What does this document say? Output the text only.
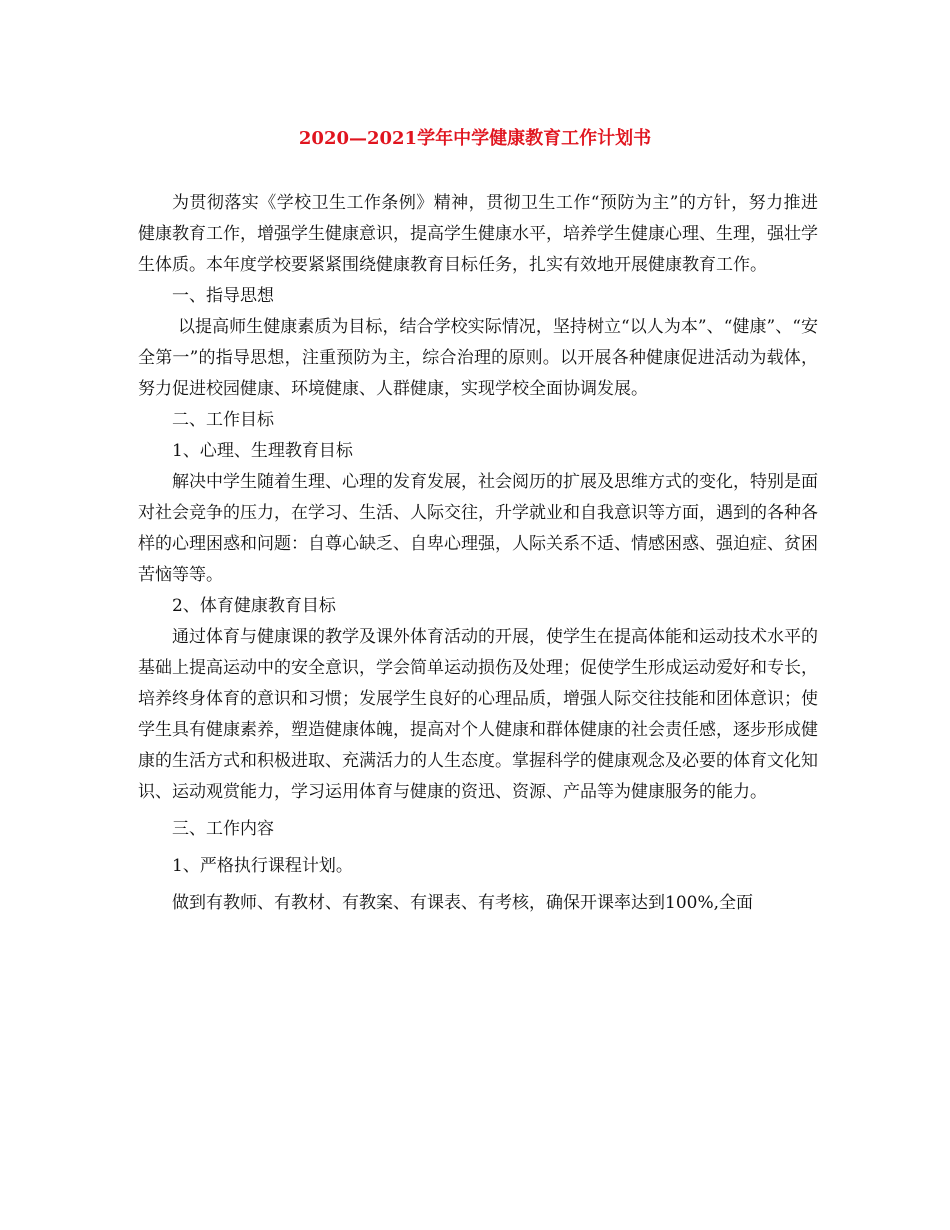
2020—2021学年中学健康教育工作计划书

为贯彻落实《学校卫生工作条例》精神，贯彻卫生工作“预防为主”的方针，努力推进健康教育工作，增强学生健康意识，提高学生健康水平，培养学生健康心理、生理，强壮学生体质。本年度学校要紧紧围绕健康教育目标任务，扎实有效地开展健康教育工作。

一、指导思想

以提高师生健康素质为目标，结合学校实际情况，坚持树立“以人为本”、“健康”、“安全第一”的指导思想，注重预防为主，综合治理的原则。以开展各种健康促进活动为载体，努力促进校园健康、环境健康、人群健康，实现学校全面协调发展。

二、工作目标

1、心理、生理教育目标

解决中学生随着生理、心理的发育发展，社会阅历的扩展及思维方式的变化，特别是面对社会竞争的压力，在学习、生活、人际交往，升学就业和自我意识等方面，遇到的各种各样的心理困惑和问题：自尊心缺乏、自卑心理强，人际关系不适、情感困惑、强迫症、贫困苦恼等等。

2、体育健康教育目标

通过体育与健康课的教学及课外体育活动的开展，使学生在提高体能和运动技术水平的基础上提高运动中的安全意识，学会简单运动损伤及处理；促使学生形成运动爱好和专长，培养终身体育的意识和习惯；发展学生良好的心理品质，增强人际交往技能和团体意识；使学生具有健康素养，塑造健康体魄，提高对个人健康和群体健康的社会责任感，逐步形成健康的生活方式和积极进取、充满活力的人生态度。掌握科学的健康观念及必要的体育文化知识、运动观赏能力，学习运用体育与健康的资迅、资源、产品等为健康服务的能力。

三、工作内容

1、严格执行课程计划。

做到有教师、有教材、有教案、有课表、有考核，确保开课率达到100%,全面
